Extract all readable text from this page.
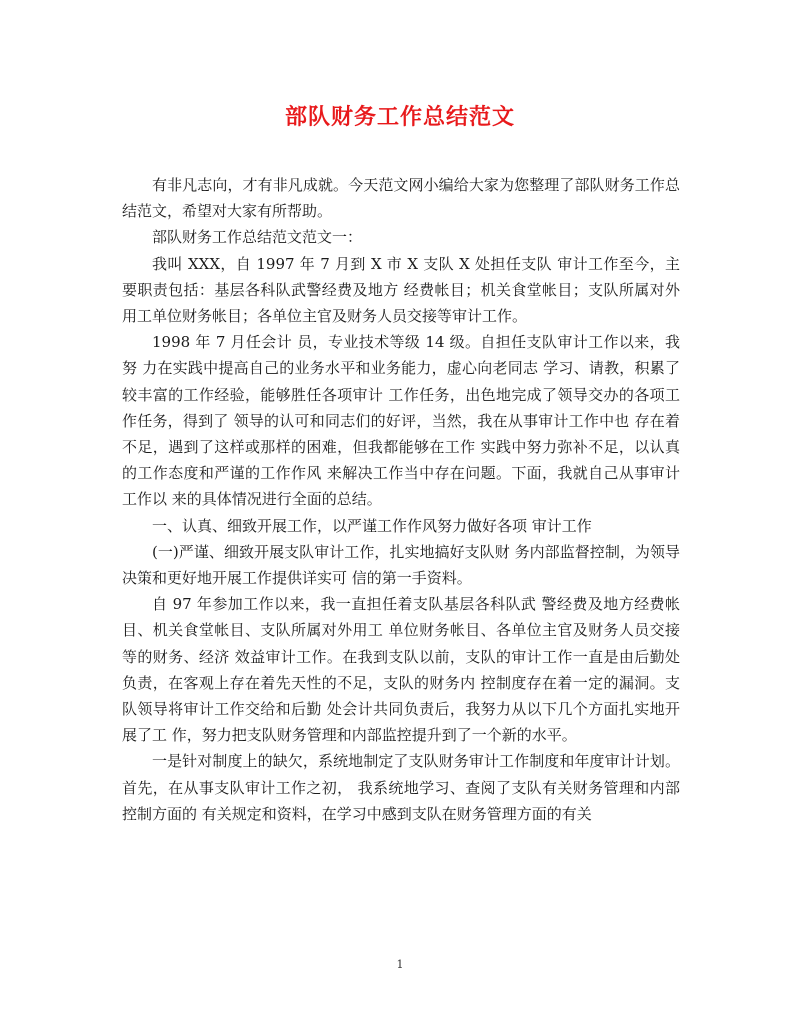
部队财务工作总结范文

有非凡志向，才有非凡成就。今天范文网小编给大家为您整理了部队财务工作总结范文，希望对大家有所帮助。

部队财务工作总结范文范文一：

我叫 XXX，自 1997 年 7 月到 X 市 X 支队 X 处担任支队 审计工作至今，主要职责包括：基层各科队武警经费及地方 经费帐目；机关食堂帐目；支队所属对外用工单位财务帐目；各单位主官及财务人员交接等审计工作。

1998 年 7 月任会计 员，专业技术等级 14 级。自担任支队审计工作以来，我努 力在实践中提高自己的业务水平和业务能力，虚心向老同志 学习、请教，积累了较丰富的工作经验，能够胜任各项审计 工作任务，出色地完成了领导交办的各项工作任务，得到了 领导的认可和同志们的好评，当然，我在从事审计工作中也 存在着不足，遇到了这样或那样的困难，但我都能够在工作 实践中努力弥补不足，以认真的工作态度和严谨的工作作风 来解决工作当中存在问题。下面，我就自己从事审计工作以 来的具体情况进行全面的总结。

一、认真、细致开展工作，以严谨工作作风努力做好各项 审计工作

(一)严谨、细致开展支队审计工作，扎实地搞好支队财 务内部监督控制，为领导决策和更好地开展工作提供详实可 信的第一手资料。

自 97 年参加工作以来，我一直担任着支队基层各科队武 警经费及地方经费帐目、机关食堂帐目、支队所属对外用工 单位财务帐目、各单位主官及财务人员交接等的财务、经济 效益审计工作。在我到支队以前，支队的审计工作一直是由后勤处负责，在客观上存在着先天性的不足，支队的财务内 控制度存在着一定的漏洞。支队领导将审计工作交给和后勤 处会计共同负责后，我努力从以下几个方面扎实地开展了工 作，努力把支队财务管理和内部监控提升到了一个新的水平。

一是针对制度上的缺欠，系统地制定了支队财务审计工作制度和年度审计计划。首先，在从事支队审计工作之初， 我系统地学习、查阅了支队有关财务管理和内部控制方面的 有关规定和资料，在学习中感到支队在财务管理方面的有关

1
